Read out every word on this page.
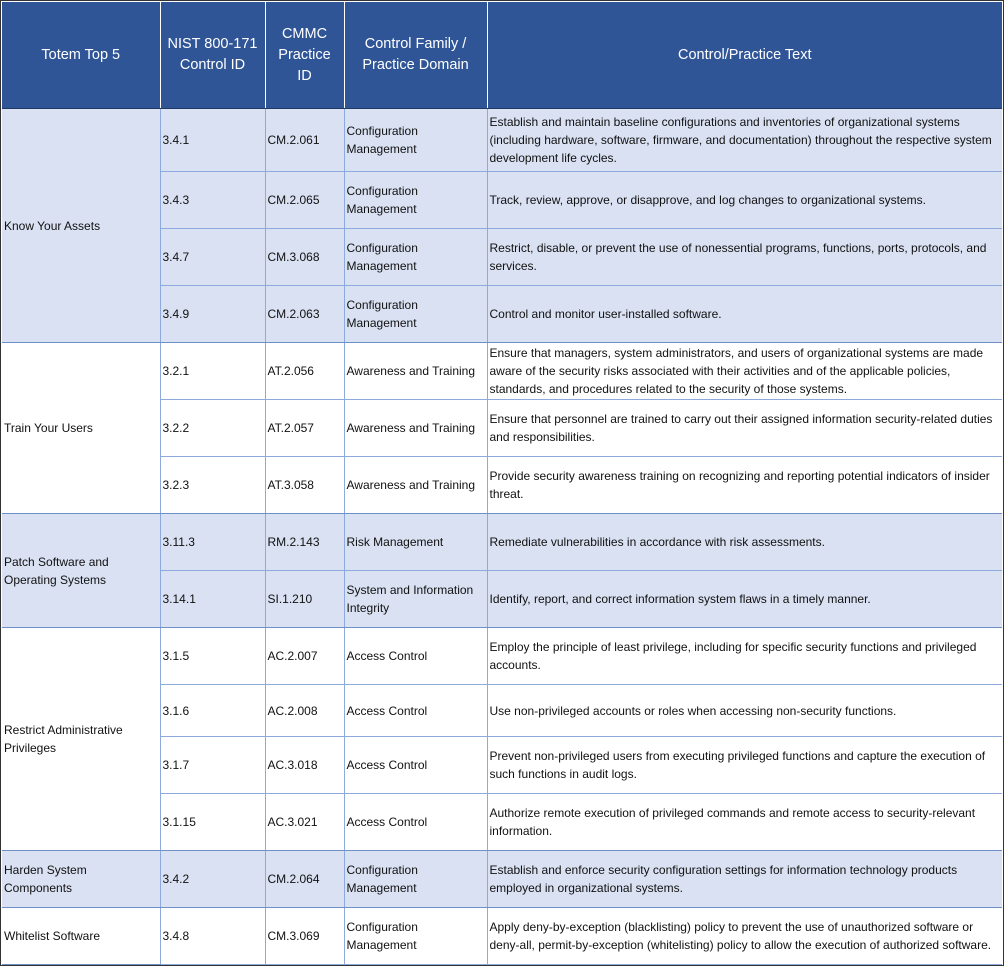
Totem Top 5	NIST 800-171 Control ID	CMMC Practice ID	Control Family / Practice Domain	Control/Practice Text
Know Your Assets	3.4.1	CM.2.061	Configuration Management	Establish and maintain baseline configurations and inventories of organizational systems (including hardware, software, firmware, and documentation) throughout the respective system development life cycles.
	3.4.3	CM.2.065	Configuration Management	Track, review, approve, or disapprove, and log changes to organizational systems.
	3.4.7	CM.3.068	Configuration Management	Restrict, disable, or prevent the use of nonessential programs, functions, ports, protocols, and services.
	3.4.9	CM.2.063	Configuration Management	Control and monitor user-installed software.
Train Your Users	3.2.1	AT.2.056	Awareness and Training	Ensure that managers, system administrators, and users of organizational systems are made aware of the security risks associated with their activities and of the applicable policies, standards, and procedures related to the security of those systems.
	3.2.2	AT.2.057	Awareness and Training	Ensure that personnel are trained to carry out their assigned information security-related duties and responsibilities.
	3.2.3	AT.3.058	Awareness and Training	Provide security awareness training on recognizing and reporting potential indicators of insider threat.
Patch Software and Operating Systems	3.11.3	RM.2.143	Risk Management	Remediate vulnerabilities in accordance with risk assessments.
	3.14.1	SI.1.210	System and Information Integrity	Identify, report, and correct information system flaws in a timely manner.
Restrict Administrative Privileges	3.1.5	AC.2.007	Access Control	Employ the principle of least privilege, including for specific security functions and privileged accounts.
	3.1.6	AC.2.008	Access Control	Use non-privileged accounts or roles when accessing non-security functions.
	3.1.7	AC.3.018	Access Control	Prevent non-privileged users from executing privileged functions and capture the execution of such functions in audit logs.
	3.1.15	AC.3.021	Access Control	Authorize remote execution of privileged commands and remote access to security-relevant information.
Harden System Components	3.4.2	CM.2.064	Configuration Management	Establish and enforce security configuration settings for information technology products employed in organizational systems.
Whitelist Software	3.4.8	CM.3.069	Configuration Management	Apply deny-by-exception (blacklisting) policy to prevent the use of unauthorized software or deny-all, permit-by-exception (whitelisting) policy to allow the execution of authorized software.
